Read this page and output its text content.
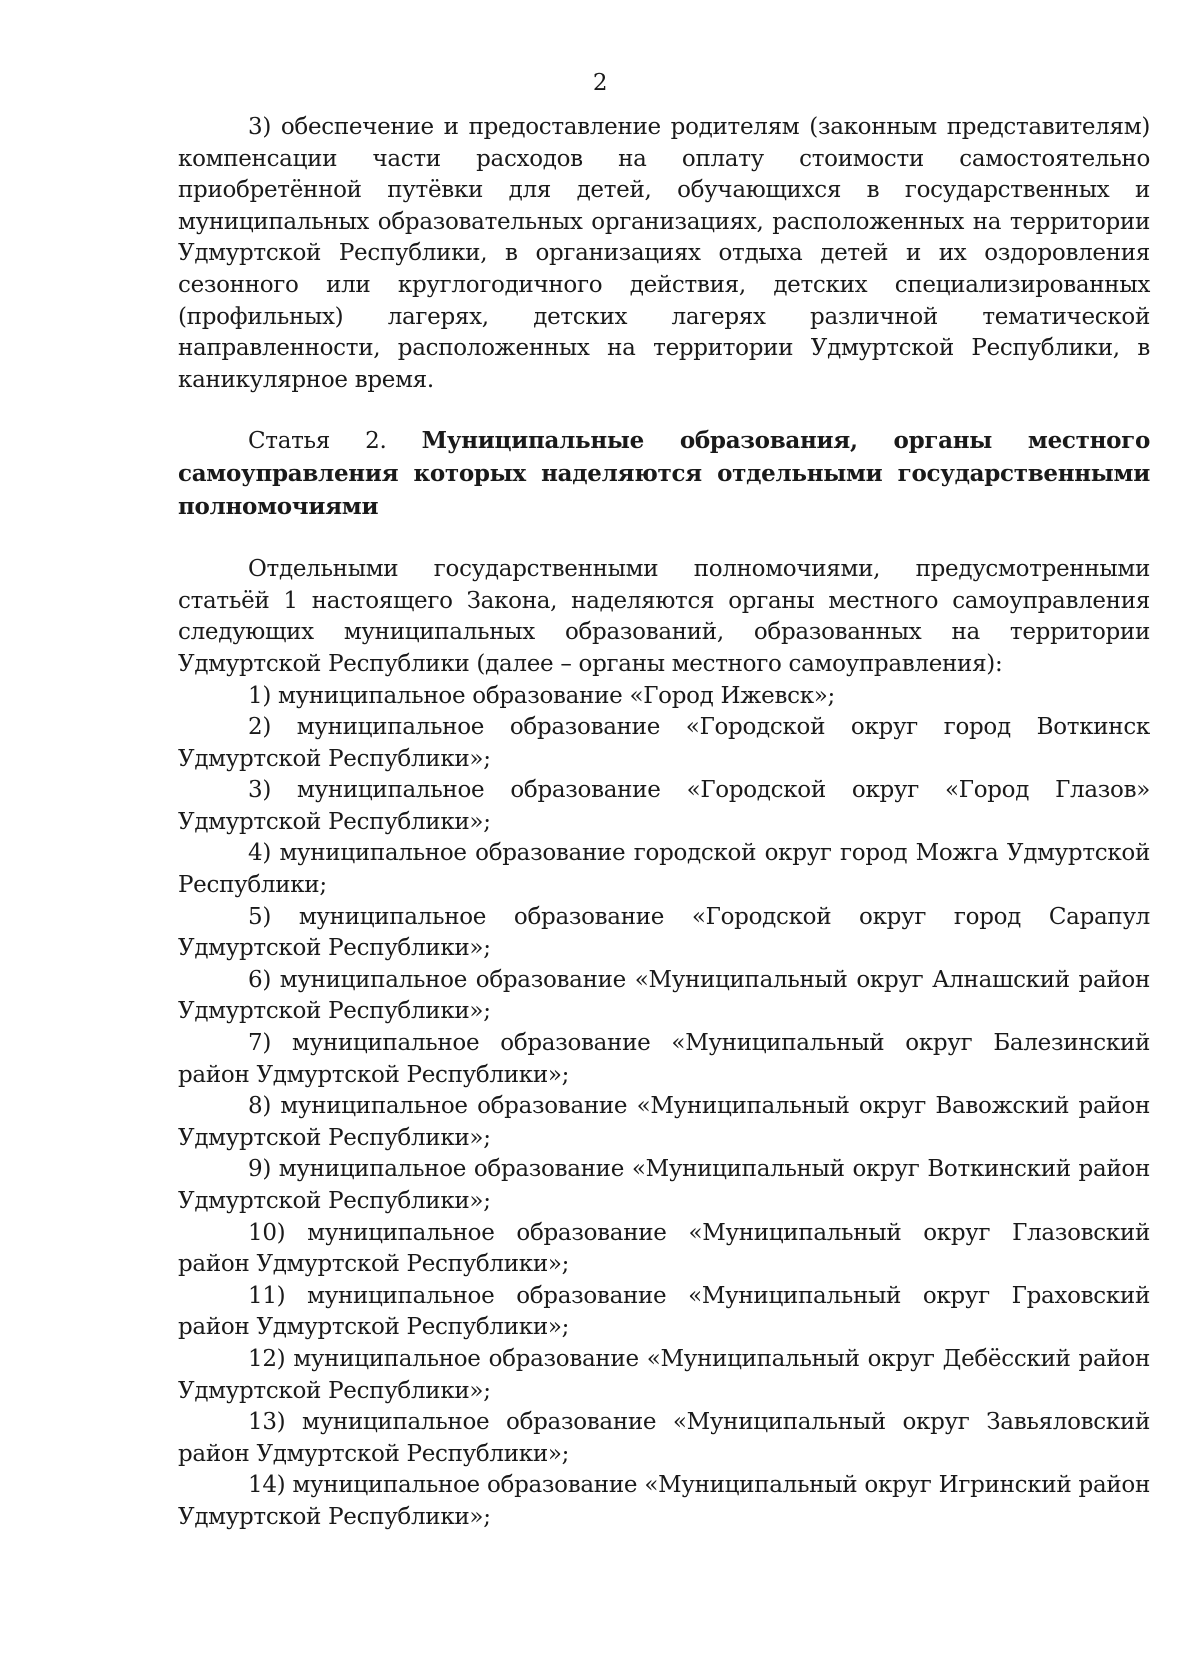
2

3) обеспечение и предоставление родителям (законным представителям) компенсации части расходов на оплату стоимости самостоятельно приобретённой путёвки для детей, обучающихся в государственных и муниципальных образовательных организациях, расположенных на территории Удмуртской Республики, в организациях отдыха детей и их оздоровления сезонного или круглогодичного действия, детских специализированных (профильных) лагерях, детских лагерях различной тематической направленности, расположенных на территории Удмуртской Республики, в каникулярное время.

Статья 2. Муниципальные образования, органы местного самоуправления которых наделяются отдельными государственными полномочиями

Отдельными государственными полномочиями, предусмотренными статьёй 1 настоящего Закона, наделяются органы местного самоуправления следующих муниципальных образований, образованных на территории Удмуртской Республики (далее – органы местного самоуправления):

1) муниципальное образование «Город Ижевск»;

2) муниципальное образование «Городской округ город Воткинск Удмуртской Республики»;

3) муниципальное образование «Городской округ «Город Глазов» Удмуртской Республики»;

4) муниципальное образование городской округ город Можга Удмуртской Республики;

5) муниципальное образование «Городской округ город Сарапул Удмуртской Республики»;

6) муниципальное образование «Муниципальный округ Алнашский район Удмуртской Республики»;

7) муниципальное образование «Муниципальный округ Балезинский район Удмуртской Республики»;

8) муниципальное образование «Муниципальный округ Вавожский район Удмуртской Республики»;

9) муниципальное образование «Муниципальный округ Воткинский район Удмуртской Республики»;

10) муниципальное образование «Муниципальный округ Глазовский район Удмуртской Республики»;

11) муниципальное образование «Муниципальный округ Граховский район Удмуртской Республики»;

12) муниципальное образование «Муниципальный округ Дебёсский район Удмуртской Республики»;

13) муниципальное образование «Муниципальный округ Завьяловский район Удмуртской Республики»;

14) муниципальное образование «Муниципальный округ Игринский район Удмуртской Республики»;
